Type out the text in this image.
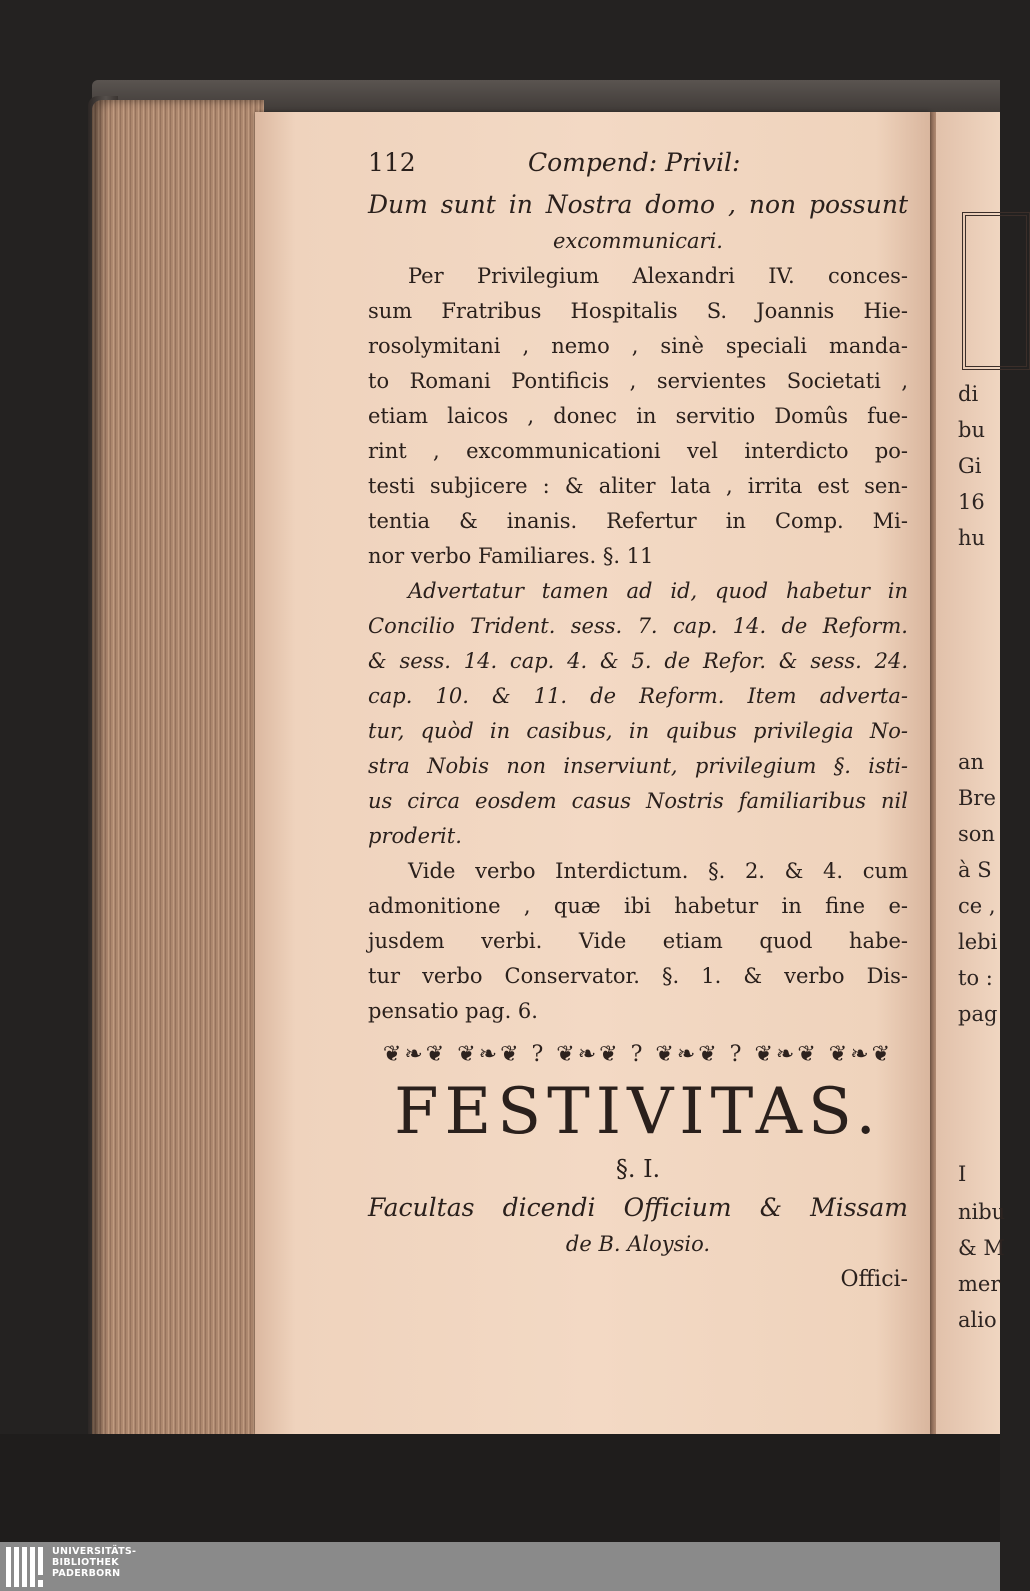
di
bu
Gi
16
hu
an
Bre
son
à S
ce ,
lebi
to :
pag
I
nibu
& M
mer
alio
112	Compend: Privil:
Dum sunt in Nostra domo , non possunt
excommunicari.
Per Privilegium Alexandri IV. conces-
sum Fratribus Hospitalis S. Joannis Hie-
rosolymitani , nemo , sinè speciali manda-
to Romani Pontificis , servientes Societati ,
etiam laicos , donec in servitio Domûs fue-
rint , excommunicationi vel interdicto po-
testi subjicere : & aliter lata , irrita est sen-
tentia & inanis. Refertur in Comp. Mi-
nor verbo Familiares. §. 11
Advertatur tamen ad id, quod habetur in
Concilio Trident. sess. 7. cap. 14. de Reform.
& sess. 14. cap. 4. & 5. de Refor. & sess. 24.
cap. 10. & 11. de Reform. Item adverta-
tur, quòd in casibus, in quibus privilegia No-
stra Nobis non inserviunt, privilegium §. isti-
us circa eosdem casus Nostris familiaribus nil
proderit.
Vide verbo Interdictum. §. 2. & 4. cum
admonitione , quæ ibi habetur in fine e-
jusdem verbi. Vide etiam quod habe-
tur verbo Conservator. §. 1. & verbo Dis-
pensatio pag. 6.
❦❧❦ ❦❧❦ ? ❦❧❦ ? ❦❧❦ ? ❦❧❦ ❦❧❦
FESTIVITAS.
§. I.
Facultas dicendi Officium & Missam
de B. Aloysio.
Offici-
UNIVERSITÄTS-
BIBLIOTHEK
PADERBORN
